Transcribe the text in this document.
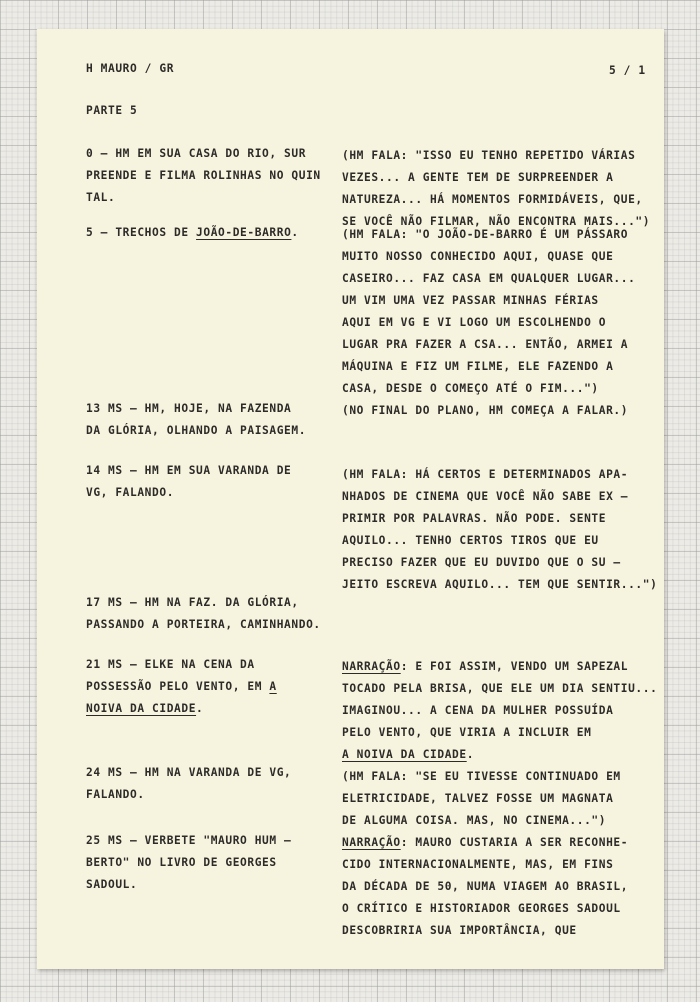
H MAURO / GR	5 / 1
PARTE 5
0 – HM EM SUA CASA DO RIO, SUR
PREENDE E FILMA ROLINHAS NO QUIN
TAL.
(HM FALA: "ISSO EU TENHO REPETIDO VÁRIAS
VEZES... A GENTE TEM DE SURPREENDER A
NATUREZA... HÁ MOMENTOS FORMIDÁVEIS, QUE,
SE VOCÊ NÃO FILMAR, NÃO ENCONTRA MAIS...")
5 – TRECHOS DE JOÃO-DE-BARRO.	(HM FALA: "O JOÃO-DE-BARRO É UM PÁSSARO
MUITO NOSSO CONHECIDO AQUI, QUASE QUE
CASEIRO... FAZ CASA EM QUALQUER LUGAR...
UM VIM UMA VEZ PASSAR MINHAS FÉRIAS
AQUI EM VG E VI LOGO UM ESCOLHENDO O
LUGAR PRA FAZER A CSA... ENTÃO, ARMEI A
MÁQUINA E FIZ UM FILME, ELE FAZENDO A
CASA, DESDE O COMEÇO ATÉ O FIM...")
13 MS – HM, HOJE, NA FAZENDA
DA GLÓRIA, OLHANDO A PAISAGEM.
(NO FINAL DO PLANO, HM COMEÇA A FALAR.)
14 MS – HM EM SUA VARANDA DE
VG, FALANDO.
(HM FALA: HÁ CERTOS E DETERMINADOS APA-
NHADOS DE CINEMA QUE VOCÊ NÃO SABE EX –
PRIMIR POR PALAVRAS. NÃO PODE. SENTE
AQUILO... TENHO CERTOS TIROS QUE EU
PRECISO FAZER QUE EU DUVIDO QUE O SU –
JEITO ESCREVA AQUILO... TEM QUE SENTIR...")
17 MS – HM NA FAZ. DA GLÓRIA,
PASSANDO A PORTEIRA, CAMINHANDO.
21 MS – ELKE NA CENA DA
POSSESSÃO PELO VENTO, EM A
NOIVA DA CIDADE.
NARRAÇÃO: E FOI ASSIM, VENDO UM SAPEZAL
TOCADO PELA BRISA, QUE ELE UM DIA SENTIU...
IMAGINOU... A CENA DA MULHER POSSUÍDA
PELO VENTO, QUE VIRIA A INCLUIR EM
A NOIVA DA CIDADE.
24 MS – HM NA VARANDA DE VG,
FALANDO.
(HM FALA: "SE EU TIVESSE CONTINUADO EM
ELETRICIDADE, TALVEZ FOSSE UM MAGNATA
DE ALGUMA COISA. MAS, NO CINEMA...")
25 MS – VERBETE "MAURO HUM –
BERTO" NO LIVRO DE GEORGES
SADOUL.
NARRAÇÃO: MAURO CUSTARIA A SER RECONHE-
CIDO INTERNACIONALMENTE, MAS, EM FINS
DA DÉCADA DE 50, NUMA VIAGEM AO BRASIL,
O CRÍTICO E HISTORIADOR GEORGES SADOUL
DESCOBRIRIA SUA IMPORTÂNCIA, QUE
